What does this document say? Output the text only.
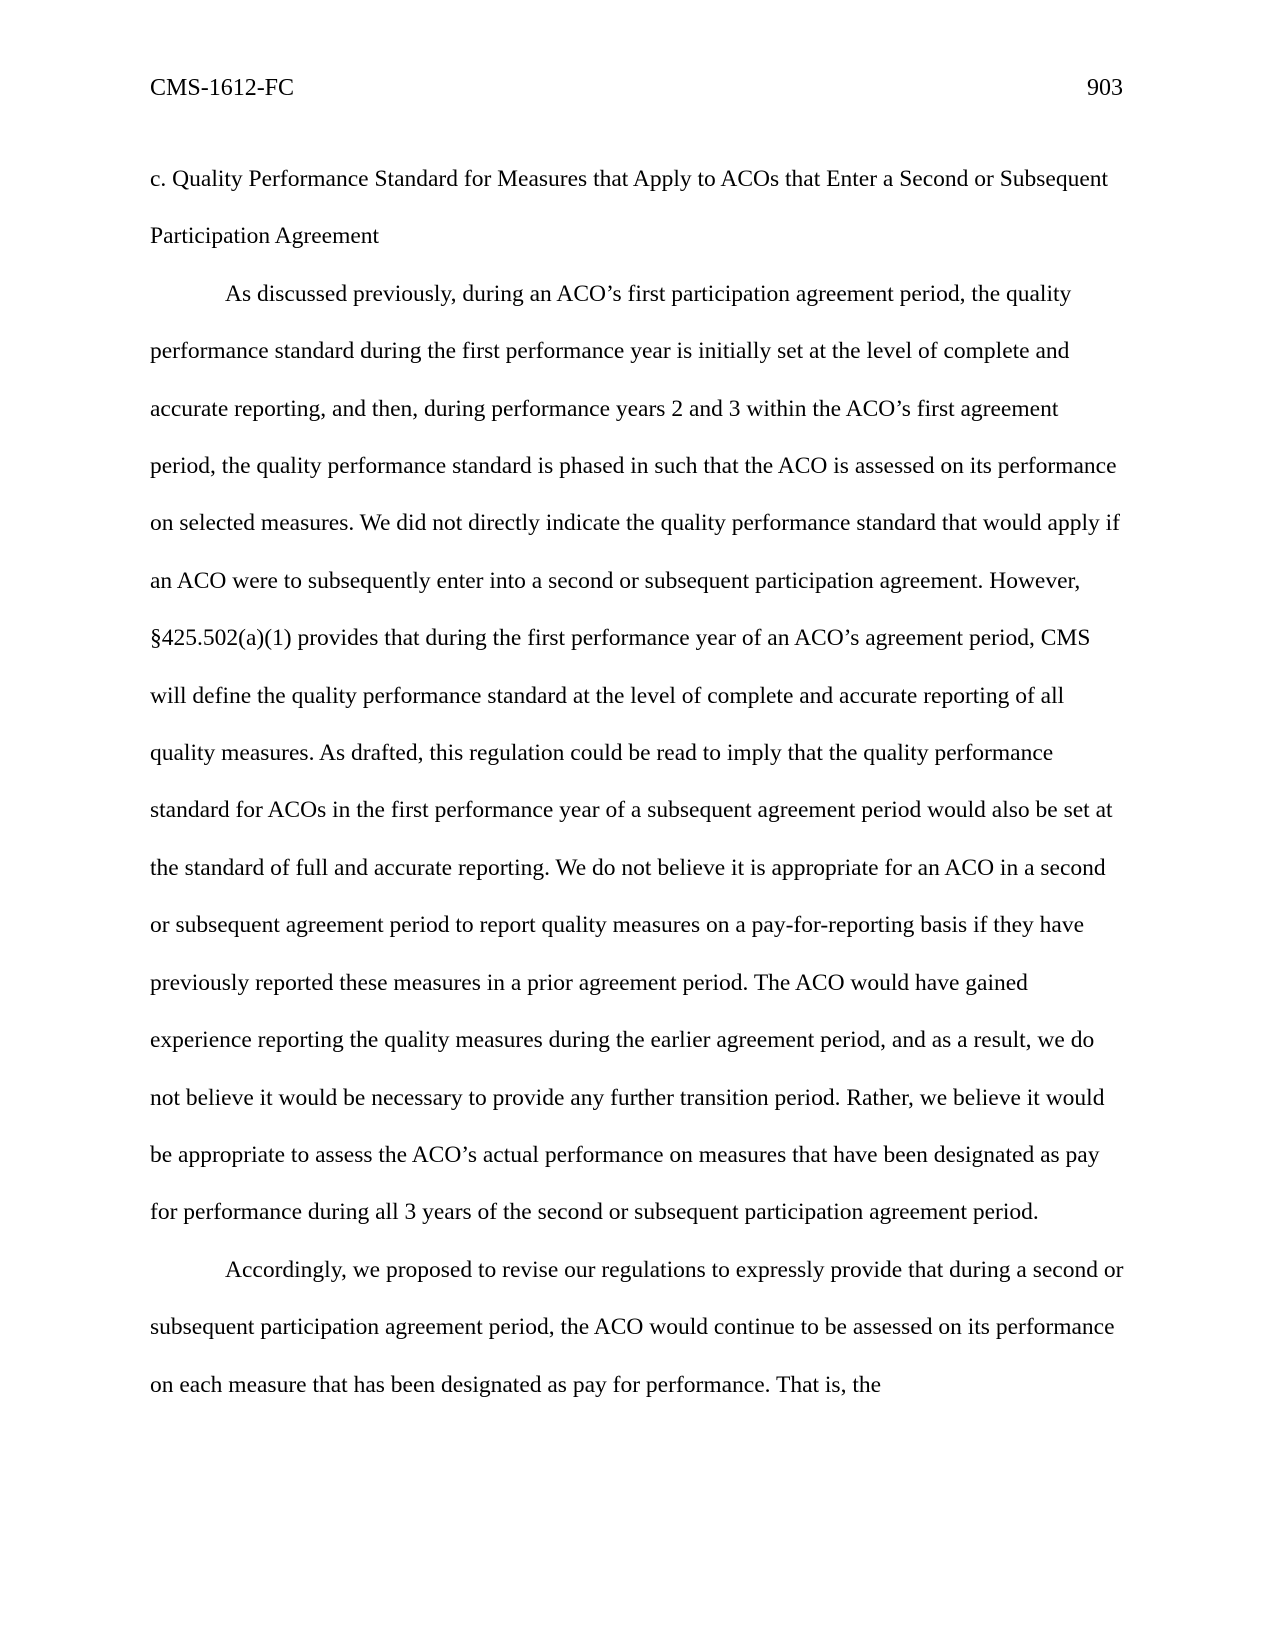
CMS-1612-FC	903

c. Quality Performance Standard for Measures that Apply to ACOs that Enter a Second or Subsequent Participation Agreement

As discussed previously, during an ACO’s first participation agreement period, the quality performance standard during the first performance year is initially set at the level of complete and accurate reporting, and then, during performance years 2 and 3 within the ACO’s first agreement period, the quality performance standard is phased in such that the ACO is assessed on its performance on selected measures. We did not directly indicate the quality performance standard that would apply if an ACO were to subsequently enter into a second or subsequent participation agreement. However, §425.502(a)(1) provides that during the first performance year of an ACO’s agreement period, CMS will define the quality performance standard at the level of complete and accurate reporting of all quality measures. As drafted, this regulation could be read to imply that the quality performance standard for ACOs in the first performance year of a subsequent agreement period would also be set at the standard of full and accurate reporting. We do not believe it is appropriate for an ACO in a second or subsequent agreement period to report quality measures on a pay-for-reporting basis if they have previously reported these measures in a prior agreement period. The ACO would have gained experience reporting the quality measures during the earlier agreement period, and as a result, we do not believe it would be necessary to provide any further transition period. Rather, we believe it would be appropriate to assess the ACO’s actual performance on measures that have been designated as pay for performance during all 3 years of the second or subsequent participation agreement period.

Accordingly, we proposed to revise our regulations to expressly provide that during a second or subsequent participation agreement period, the ACO would continue to be assessed on its performance on each measure that has been designated as pay for performance. That is, the
